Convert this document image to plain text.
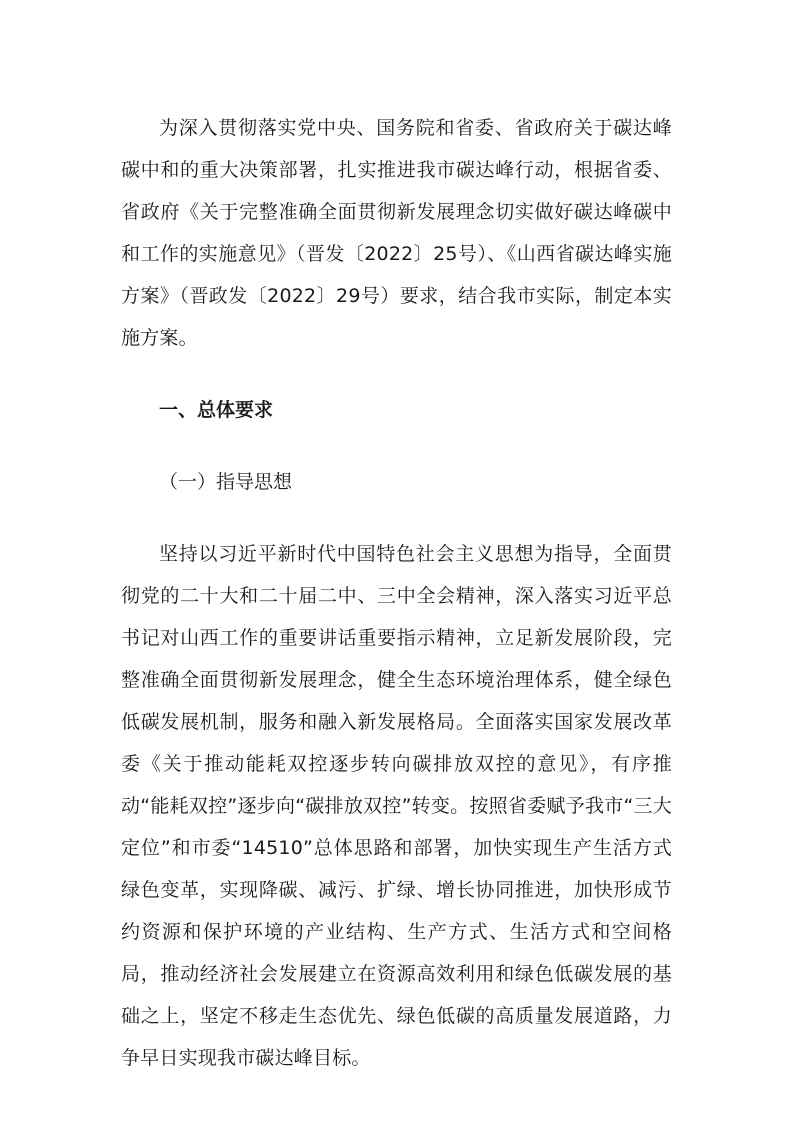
为深入贯彻落实党中央、国务院和省委、省政府关于碳达峰碳中和的重大决策部署，扎实推进我市碳达峰行动，根据省委、省政府《关于完整准确全面贯彻新发展理念切实做好碳达峰碳中和工作的实施意见》（晋发〔2022〕25号）、《山西省碳达峰实施方案》（晋政发〔2022〕29号）要求，结合我市实际，制定本实施方案。

一、总体要求

（一）指导思想

坚持以习近平新时代中国特色社会主义思想为指导，全面贯彻党的二十大和二十届二中、三中全会精神，深入落实习近平总书记对山西工作的重要讲话重要指示精神，立足新发展阶段，完整准确全面贯彻新发展理念，健全生态环境治理体系，健全绿色低碳发展机制，服务和融入新发展格局。全面落实国家发展改革委《关于推动能耗双控逐步转向碳排放双控的意见》，有序推动“能耗双控”逐步向“碳排放双控”转变。按照省委赋予我市“三大定位”和市委“14510”总体思路和部署，加快实现生产生活方式绿色变革，实现降碳、减污、扩绿、增长协同推进，加快形成节约资源和保护环境的产业结构、生产方式、生活方式和空间格局，推动经济社会发展建立在资源高效利用和绿色低碳发展的基础之上，坚定不移走生态优先、绿色低碳的高质量发展道路，力争早日实现我市碳达峰目标。
